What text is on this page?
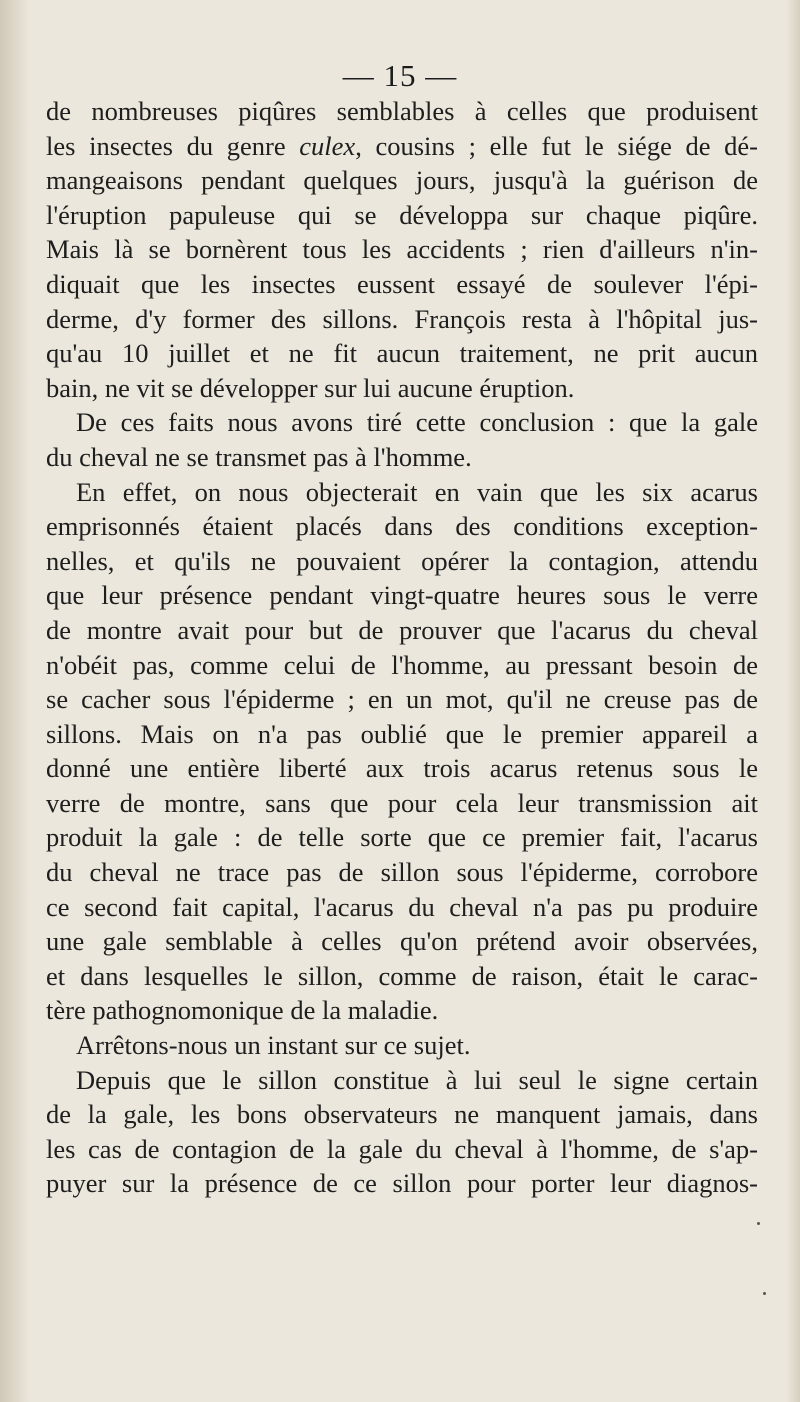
— 15 —
de nombreuses piqûres semblables à celles que produisent
les insectes du genre culex, cousins ; elle fut le siége de dé-
mangeaisons pendant quelques jours, jusqu'à la guérison de
l'éruption papuleuse qui se développa sur chaque piqûre.
Mais là se bornèrent tous les accidents ; rien d'ailleurs n'in-
diquait que les insectes eussent essayé de soulever l'épi-
derme, d'y former des sillons. François resta à l'hôpital jus-
qu'au 10 juillet et ne fit aucun traitement, ne prit aucun
bain, ne vit se développer sur lui aucune éruption.
De ces faits nous avons tiré cette conclusion : que la gale
du cheval ne se transmet pas à l'homme.
En effet, on nous objecterait en vain que les six acarus
emprisonnés étaient placés dans des conditions exception-
nelles, et qu'ils ne pouvaient opérer la contagion, attendu
que leur présence pendant vingt-quatre heures sous le verre
de montre avait pour but de prouver que l'acarus du cheval
n'obéit pas, comme celui de l'homme, au pressant besoin de
se cacher sous l'épiderme ; en un mot, qu'il ne creuse pas de
sillons. Mais on n'a pas oublié que le premier appareil a
donné une entière liberté aux trois acarus retenus sous le
verre de montre, sans que pour cela leur transmission ait
produit la gale : de telle sorte que ce premier fait, l'acarus
du cheval ne trace pas de sillon sous l'épiderme, corrobore
ce second fait capital, l'acarus du cheval n'a pas pu produire
une gale semblable à celles qu'on prétend avoir observées,
et dans lesquelles le sillon, comme de raison, était le carac-
tère pathognomonique de la maladie.
Arrêtons-nous un instant sur ce sujet.
Depuis que le sillon constitue à lui seul le signe certain
de la gale, les bons observateurs ne manquent jamais, dans
les cas de contagion de la gale du cheval à l'homme, de s'ap-
puyer sur la présence de ce sillon pour porter leur diagnos-
